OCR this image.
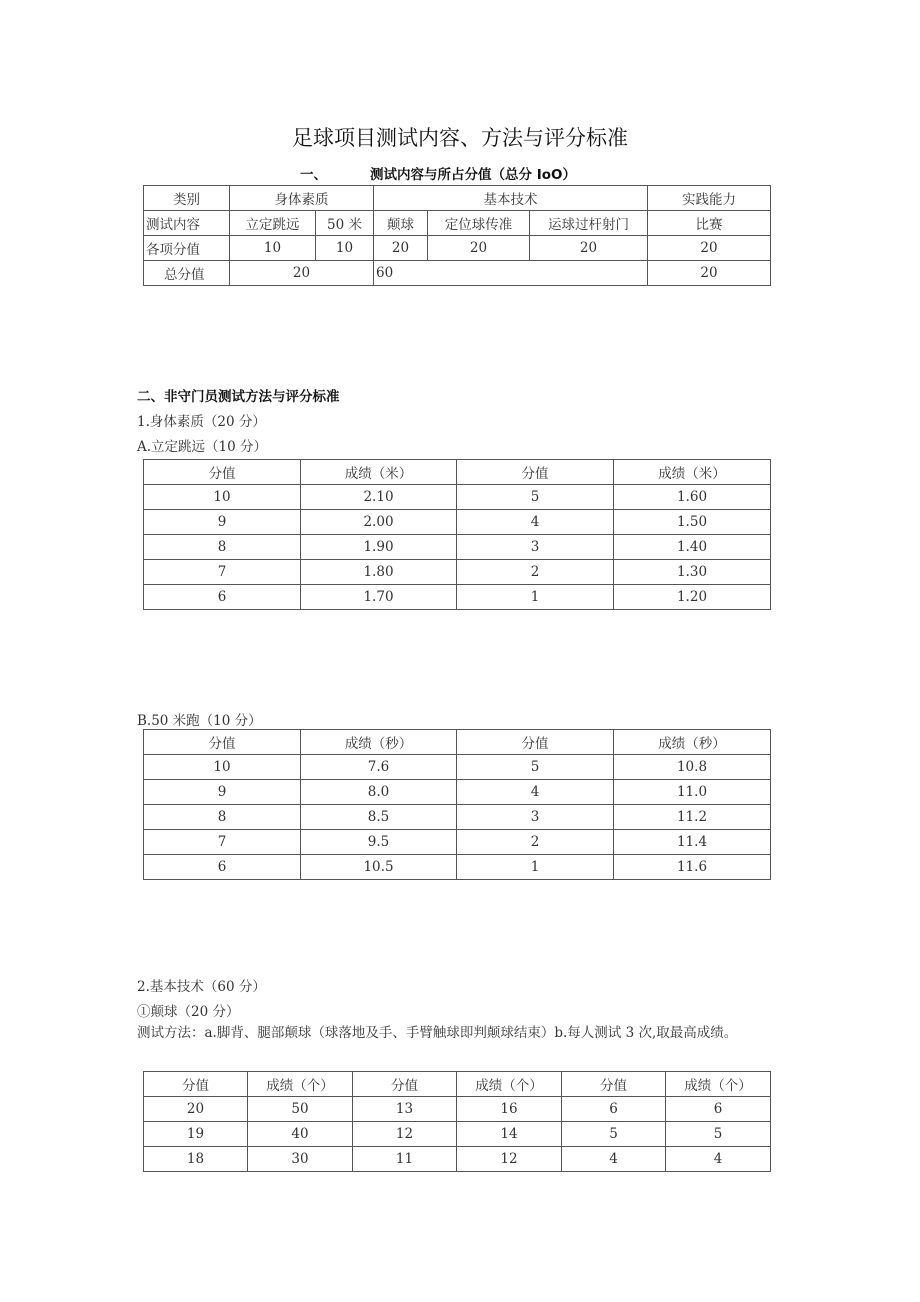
足球项目测试内容、方法与评分标准
一、	测试内容与所占分值（总分 IoO）
类别	身体素质		基本技术			实践能力
测试内容	立定跳远	50 米	颠球	定位球传准	运球过杆射门	比赛
各项分值	10	10	20	20	20	20
总分值	20		60			20
二、非守门员测试方法与评分标准
1.身体素质（20 分）
A.立定跳远（10 分）
分值	成绩（米）	分值	成绩（米）
10	2.10	5	1.60
9	2.00	4	1.50
8	1.90	3	1.40
7	1.80	2	1.30
6	1.70	1	1.20
B.50 米跑（10 分）
分值	成绩（秒）	分值	成绩（秒）
10	7.6	5	10.8
9	8.0	4	11.0
8	8.5	3	11.2
7	9.5	2	11.4
6	10.5	1	11.6
2.基本技术（60 分）
①颠球（20 分）
测试方法：a.脚背、腿部颠球（球落地及手、手臂触球即判颠球结束）b.每人测试 3 次,取最高成绩。
分值	成绩（个）	分值	成绩（个）	分值	成绩（个）
20	50	13	16	6	6
19	40	12	14	5	5
18	30	11	12	4	4
